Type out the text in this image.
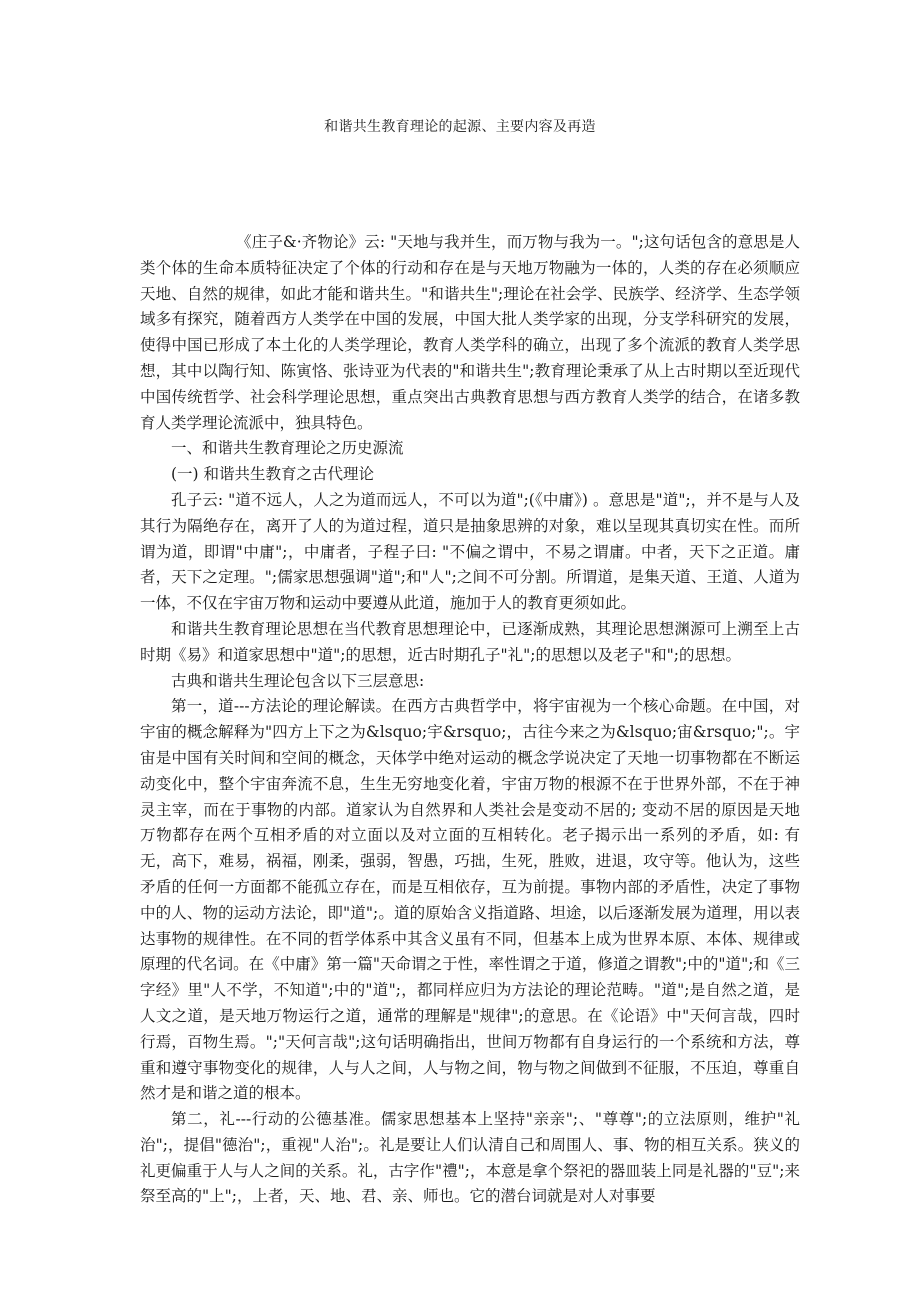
和谐共生教育理论的起源、主要内容及再造

《庄子&·齐物论》云: "天地与我并生，而万物与我为一。";这句话包含的意思是人类个体的生命本质特征决定了个体的行动和存在是与天地万物融为一体的，人类的存在必须顺应天地、自然的规律，如此才能和谐共生。"和谐共生";理论在社会学、民族学、经济学、生态学领域多有探究，随着西方人类学在中国的发展，中国大批人类学家的出现，分支学科研究的发展，使得中国已形成了本土化的人类学理论，教育人类学科的确立，出现了多个流派的教育人类学思想，其中以陶行知、陈寅恪、张诗亚为代表的"和谐共生";教育理论秉承了从上古时期以至近现代中国传统哲学、社会科学理论思想，重点突出古典教育思想与西方教育人类学的结合，在诸多教育人类学理论流派中，独具特色。

一、和谐共生教育理论之历史源流

(一) 和谐共生教育之古代理论

孔子云: "道不远人，人之为道而远人，不可以为道";(《中庸》) 。意思是"道";，并不是与人及其行为隔绝存在，离开了人的为道过程，道只是抽象思辨的对象，难以呈现其真切实在性。而所谓为道，即谓"中庸";，中庸者，子程子曰: "不偏之谓中，不易之谓庸。中者，天下之正道。庸者，天下之定理。";儒家思想强调"道";和"人";之间不可分割。所谓道，是集天道、王道、人道为一体，不仅在宇宙万物和运动中要遵从此道，施加于人的教育更须如此。

和谐共生教育理论思想在当代教育思想理论中，已逐渐成熟，其理论思想渊源可上溯至上古时期《易》和道家思想中"道";的思想，近古时期孔子"礼";的思想以及老子"和";的思想。

古典和谐共生理论包含以下三层意思:

第一，道---方法论的理论解读。在西方古典哲学中，将宇宙视为一个核心命题。在中国，对宇宙的概念解释为"四方上下之为&lsquo;宇&rsquo;，古往今来之为&lsquo;宙&rsquo;";。宇宙是中国有关时间和空间的概念，天体学中绝对运动的概念学说决定了天地一切事物都在不断运动变化中，整个宇宙奔流不息，生生无穷地变化着，宇宙万物的根源不在于世界外部，不在于神灵主宰，而在于事物的内部。道家认为自然界和人类社会是变动不居的; 变动不居的原因是天地万物都存在两个互相矛盾的对立面以及对立面的互相转化。老子揭示出一系列的矛盾，如: 有无，高下，难易，祸福，刚柔，强弱，智愚，巧拙，生死，胜败，进退，攻守等。他认为，这些矛盾的任何一方面都不能孤立存在，而是互相依存，互为前提。事物内部的矛盾性，决定了事物中的人、物的运动方法论，即"道";。道的原始含义指道路、坦途，以后逐渐发展为道理，用以表达事物的规律性。在不同的哲学体系中其含义虽有不同，但基本上成为世界本原、本体、规律或原理的代名词。在《中庸》第一篇"天命谓之于性，率性谓之于道，修道之谓教";中的"道";和《三字经》里"人不学，不知道";中的"道";，都同样应归为方法论的理论范畴。"道";是自然之道，是人文之道，是天地万物运行之道，通常的理解是"规律";的意思。在《论语》中"天何言哉，四时行焉，百物生焉。";"天何言哉";这句话明确指出，世间万物都有自身运行的一个系统和方法，尊重和遵守事物变化的规律，人与人之间，人与物之间，物与物之间做到不征服，不压迫，尊重自然才是和谐之道的根本。

第二，礼---行动的公德基准。儒家思想基本上坚持"亲亲";、"尊尊";的立法原则，维护"礼治";，提倡"德治";，重视"人治";。礼是要让人们认清自己和周围人、事、物的相互关系。狭义的礼更偏重于人与人之间的关系。礼，古字作"禮";，本意是拿个祭祀的器皿装上同是礼器的"豆";来祭至高的"上";，上者，天、地、君、亲、师也。它的潜台词就是对人对事要
